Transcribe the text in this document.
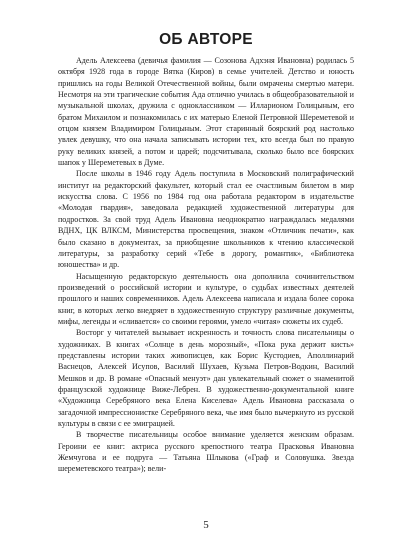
ОБ АВТОРЕ

Адель Алексеева (девичья фамилия — Созонова Адхэня Ивановна) родилась 5 октября 1928 года в городе Вятка (Киров) в семье учителей. Детство и юность пришлись на годы Великой Отечественной войны, были омрачены смертью матери. Несмотря на эти трагические события Ада отлично училась в общеобразовательной и музыкальной школах, дружила с одноклассником — Илларионом Голицыным, его братом Михаилом и познакомилась с их матерью Еленой Петровной Шереметевой и отцом князем Владимиром Голицыным. Этот старинный боярский род настолько увлек девушку, что она начала записывать истории тех, кто всегда был по правую руку великих князей, а потом и царей; подсчитывала, сколько было все боярских шапок у Шереметевых в Думе.

После школы в 1946 году Адель поступила в Московский полиграфический институт на редакторский факультет, который стал ее счастливым билетом в мир искусства слова. С 1956 по 1984 год она работала редактором в издательстве «Молодая гвардия», заведовала редакцией художественной литературы для подростков. За свой труд Адель Ивановна неоднократно награждалась медалями ВДНХ, ЦК ВЛКСМ, Министерства просвещения, знаком «Отличник печати», как было сказано в документах, за приобщение школьников к чтению классической литературы, за разработку серий «Тебе в дорогу, романтик», «Библиотека юношества» и др.

Насыщенную редакторскую деятельность она дополнила сочинительством произведений о российской истории и культуре, о судьбах известных деятелей прошлого и наших современников. Адель Алексеева написала и издала более сорока книг, в которых легко внедряет в художественную структуру различные документы, мифы, легенды и «сливается» со своими героями, умело «читая» сюжеты их судеб.

Восторг у читателей вызывает искренность и точность слова писательницы о художниках. В книгах «Солнце в день морозный», «Пока рука держит кисть» представлены истории таких живописцев, как Борис Кустодиев, Аполлинарий Васнецов, Алексей Исупов, Василий Шухаев, Кузьма Петров-Водкин, Василий Мешков и др. В романе «Опасный менуэт» дан увлекательный сюжет о знаменитой французской художнице Виже-Лебрен. В художественно-документальной книге «Художница Серебряного века Елена Киселева» Адель Ивановна рассказала о загадочной импрессионистке Серебряного века, чье имя было вычеркнуто из русской культуры в связи с ее эмиграцией.

В творчестве писательницы особое внимание уделяется женским образам. Героини ее книг: актриса русского крепостного театра Прасковья Ивановна Жемчугова и ее подруга — Татьяна Шлыкова («Граф и Соловушка. Звезда шереметевского театра»); вели-

5
